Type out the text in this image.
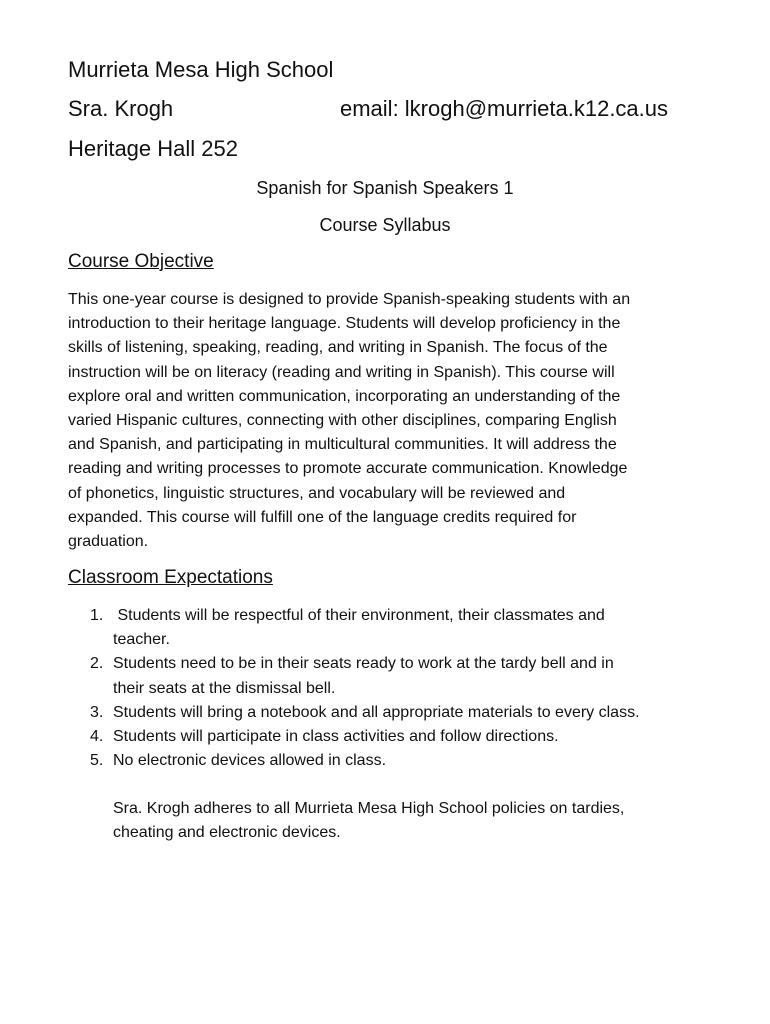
Murrieta Mesa High School
Sra. Krogh	email: lkrogh@murrieta.k12.ca.us
Heritage Hall 252
Spanish for Spanish Speakers 1
Course Syllabus
Course Objective
This one-year course is designed to provide Spanish-speaking students with an
introduction to their heritage language. Students will develop proficiency in the
skills of listening, speaking, reading, and writing in Spanish. The focus of the
instruction will be on literacy (reading and writing in Spanish). This course will
explore oral and written communication, incorporating an understanding of the
varied Hispanic cultures, connecting with other disciplines, comparing English
and Spanish, and participating in multicultural communities. It will address the
reading and writing processes to promote accurate communication. Knowledge
of phonetics, linguistic structures, and vocabulary will be reviewed and
expanded. This course will fulfill one of the language credits required for
graduation.
Classroom Expectations
1. Students will be respectful of their environment, their classmates and
teacher.
2. Students need to be in their seats ready to work at the tardy bell and in
their seats at the dismissal bell.
3. Students will bring a notebook and all appropriate materials to every class.
4. Students will participate in class activities and follow directions.
5. No electronic devices allowed in class.
Sra. Krogh adheres to all Murrieta Mesa High School policies on tardies,
cheating and electronic devices.
